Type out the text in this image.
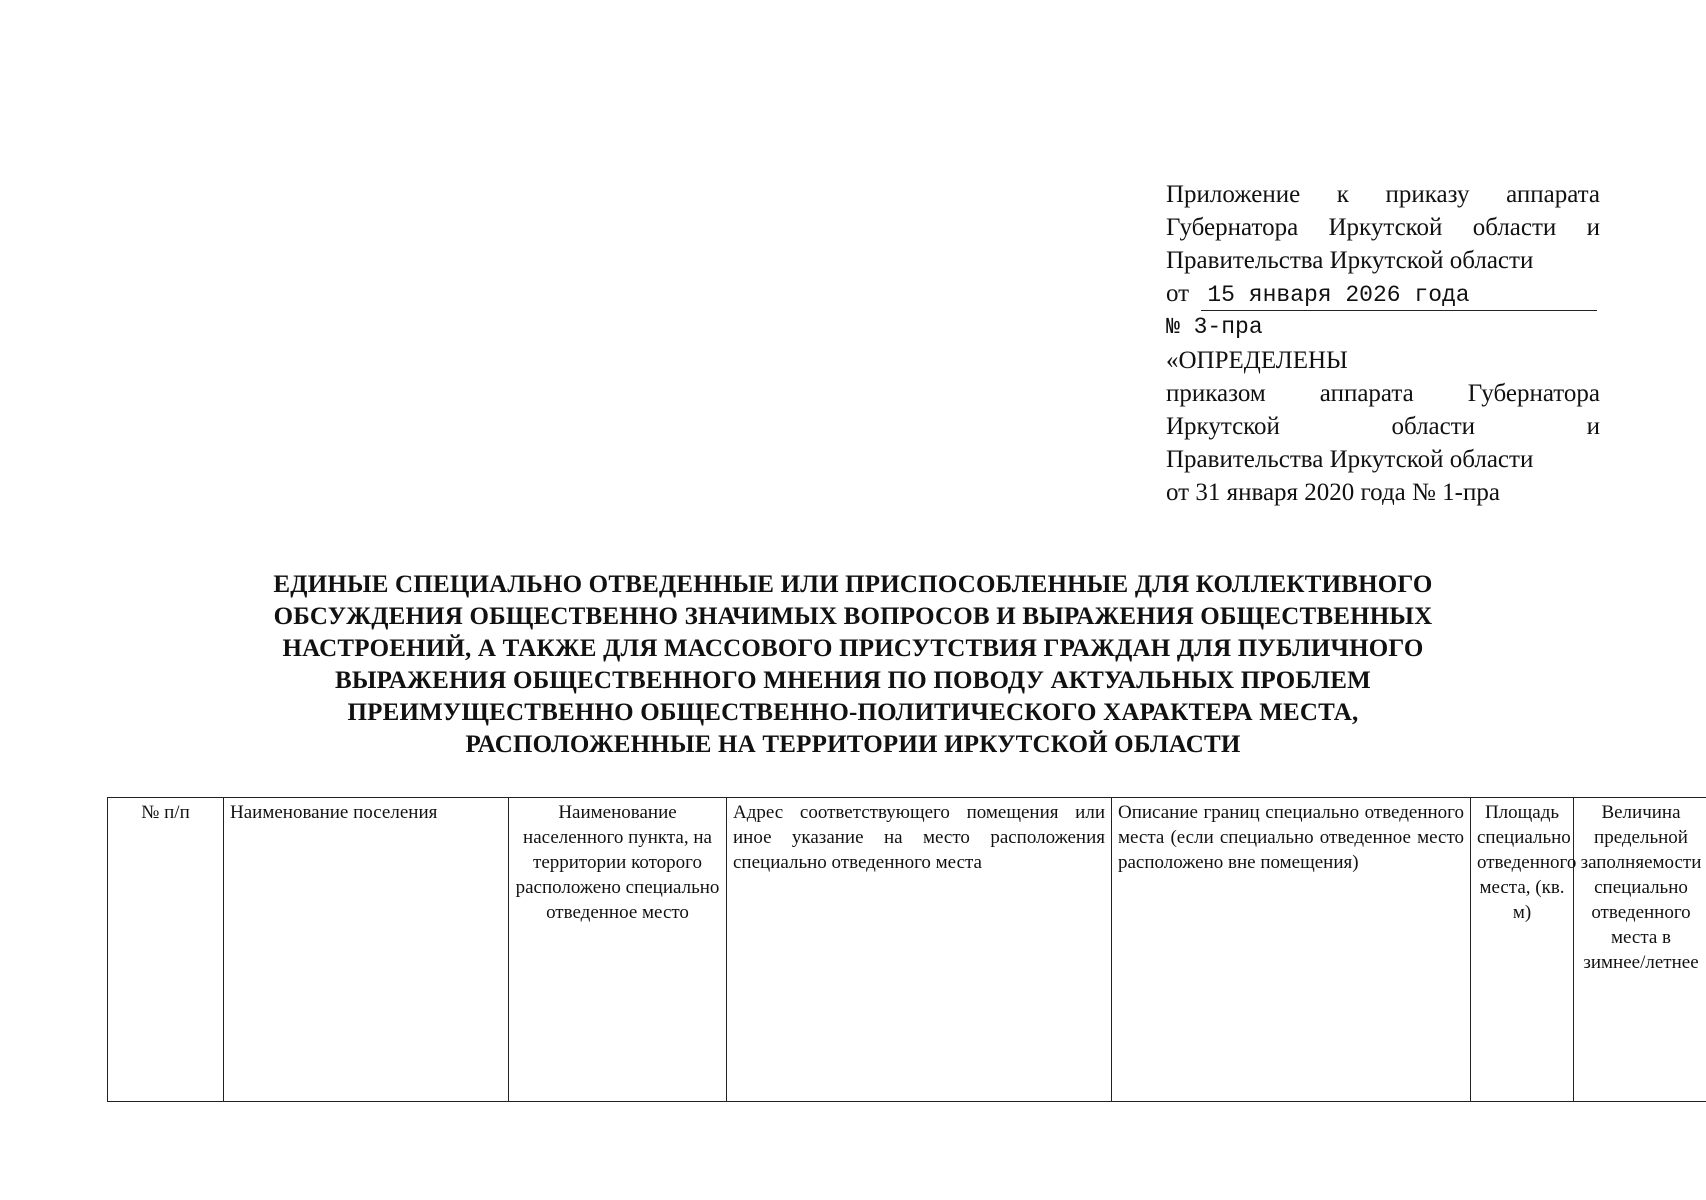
Приложение к приказу аппарата
Губернатора Иркутской области и
Правительства Иркутской области
от 15 января 2026 года
№ 3-пра
«ОПРЕДЕЛЕНЫ
приказом аппарата Губернатора
Иркутской области и
Правительства Иркутской области
от 31 января 2020 года № 1-пра
ЕДИНЫЕ СПЕЦИАЛЬНО ОТВЕДЕННЫЕ ИЛИ ПРИСПОСОБЛЕННЫЕ ДЛЯ КОЛЛЕКТИВНОГО
ОБСУЖДЕНИЯ ОБЩЕСТВЕННО ЗНАЧИМЫХ ВОПРОСОВ И ВЫРАЖЕНИЯ ОБЩЕСТВЕННЫХ
НАСТРОЕНИЙ, А ТАКЖЕ ДЛЯ МАССОВОГО ПРИСУТСТВИЯ ГРАЖДАН ДЛЯ ПУБЛИЧНОГО
ВЫРАЖЕНИЯ ОБЩЕСТВЕННОГО МНЕНИЯ ПО ПОВОДУ АКТУАЛЬНЫХ ПРОБЛЕМ
ПРЕИМУЩЕСТВЕННО ОБЩЕСТВЕННО-ПОЛИТИЧЕСКОГО ХАРАКТЕРА МЕСТА,
РАСПОЛОЖЕННЫЕ НА ТЕРРИТОРИИ ИРКУТСКОЙ ОБЛАСТИ
№ п/п	Наименование поселения	Наименование населенного пункта, на территории которого расположено специально отведенное место	Адрес соответствующего помещения или иное указание на место расположения специально отведенного места	Описание границ специально отведенного места (если специально отведенное место расположено вне помещения)	Площадь специально отведенного места, (кв. м)	Величина предельной заполняемости специально отведенного места в зимнее/летнее
